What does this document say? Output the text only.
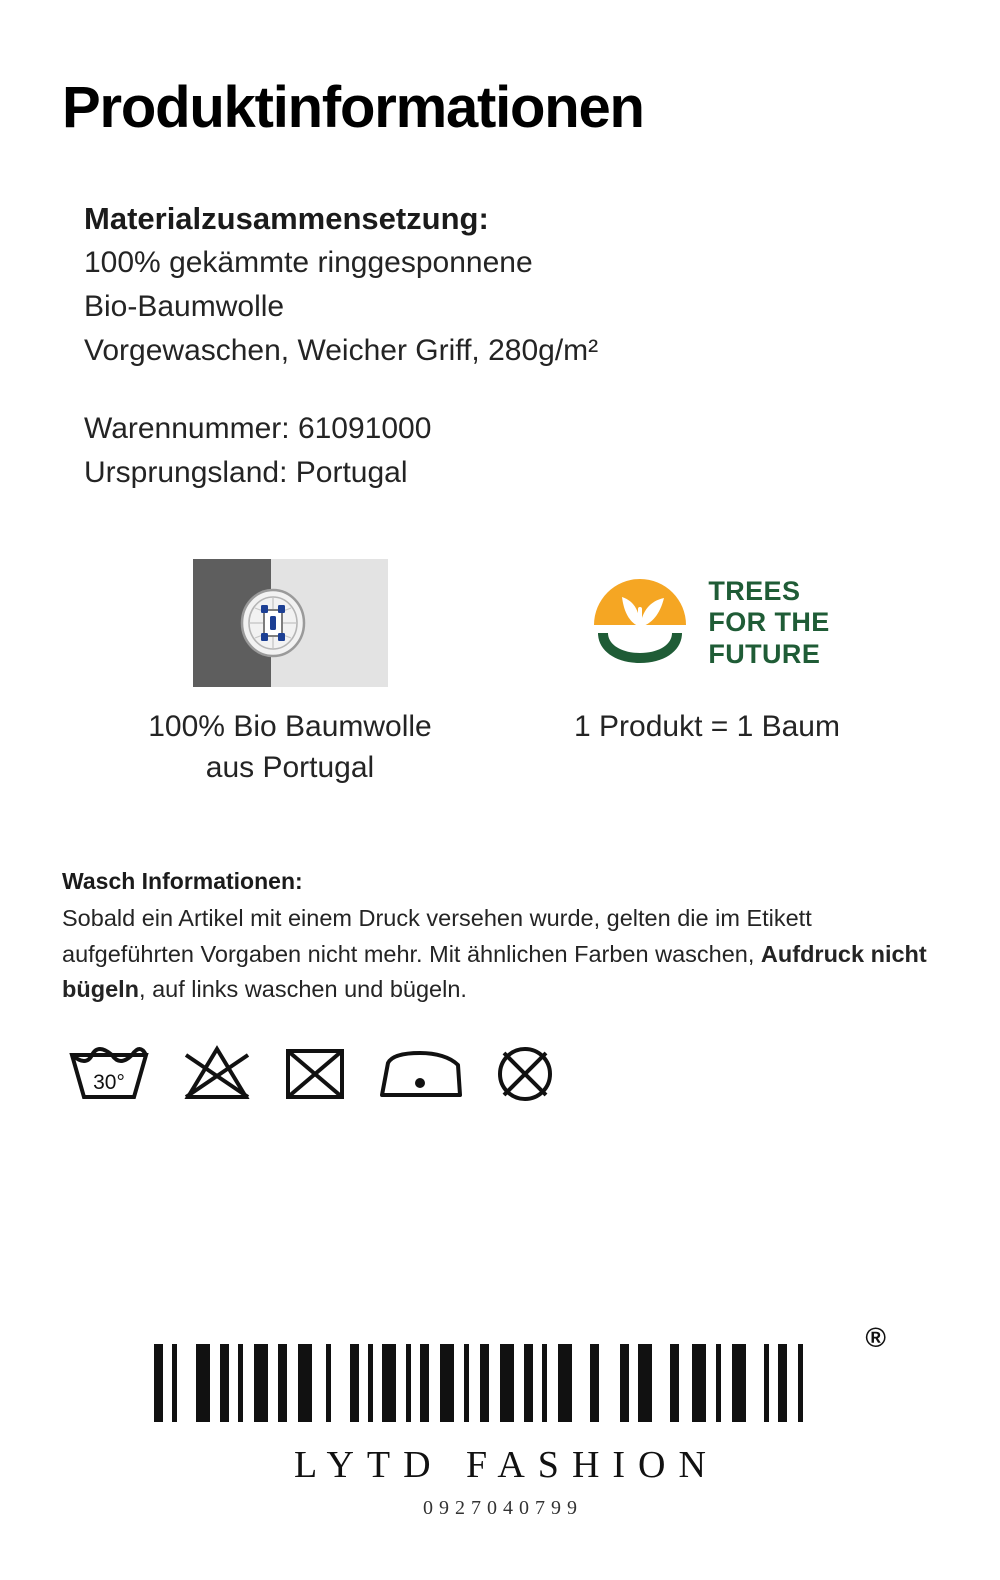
Produktinformationen
Materialzusammensetzung:
100% gekämmte ringgesponnene
Bio-Baumwolle
Vorgewaschen, Weicher Griff, 280g/m²
Warennummer: 61091000
Ursprungsland: Portugal
100% Bio Baumwolle
aus Portugal
TREES
FOR THE
FUTURE
1 Produkt = 1 Baum
Wasch Informationen:
Sobald ein Artikel mit einem Druck versehen wurde, gelten die im Etikett aufgeführten Vorgaben nicht mehr. Mit ähnlichen Farben waschen, Aufdruck nicht bügeln, auf links waschen und bügeln.
30°
®
LYTD FASHION
0927040799
